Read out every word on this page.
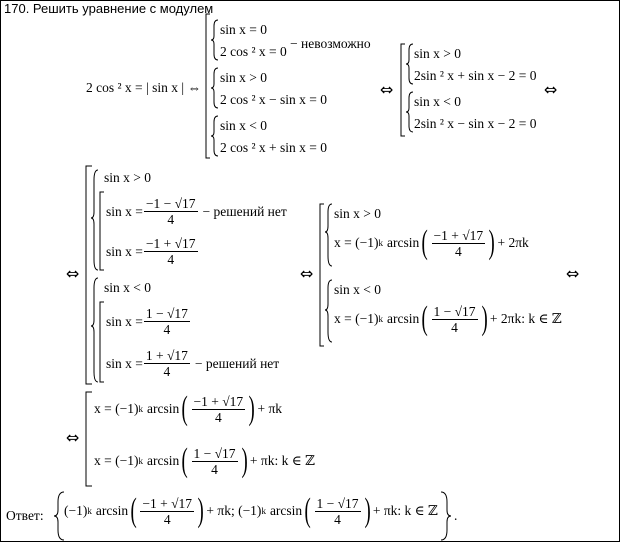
170. Решить уравнение с модулем
2 cos ² x = | sin x | ⇔
sin x = 0
2 cos ² x = 0
− невозможно
sin x > 0
2 cos ² x − sin x = 0
sin x < 0
2 cos ² x + sin x = 0
⇔
sin x > 0
2sin ² x + sin x − 2 = 0
sin x < 0
2sin ² x − sin x − 2 = 0
⇔
⇔
sin x > 0
$\sin x = \frac{-1 - √17}{4}$ − решений нет
$\sin x = \frac{-1 + √17}{4}$
sin x < 0
$\sin x = \frac{1 - √17}{4}$
$\sin x = \frac{1 + √17}{4}$ − решений нет
⇔
sin x > 0
x = (−1) k arcsin ( $\frac{-1 + √17}{4}$ ) + 2πk
sin x < 0
x = (−1) k arcsin ( $\frac{1 - √17}{4}$ ) + 2πk: k ∈ ℤ
⇔
⇔
x = (−1) k arcsin ( $\frac{-1 + √17}{4}$ ) + πk
x = (−1) k arcsin ( $\frac{1 - √17}{4}$ ) + πk: k ∈ ℤ
Ответ: (−1) k arcsin ( $\frac{-1 + √17}{4}$ ) + πk; (−1) k arcsin ( $\frac{1 - √17}{4}$ ) + πk: k ∈ ℤ .
